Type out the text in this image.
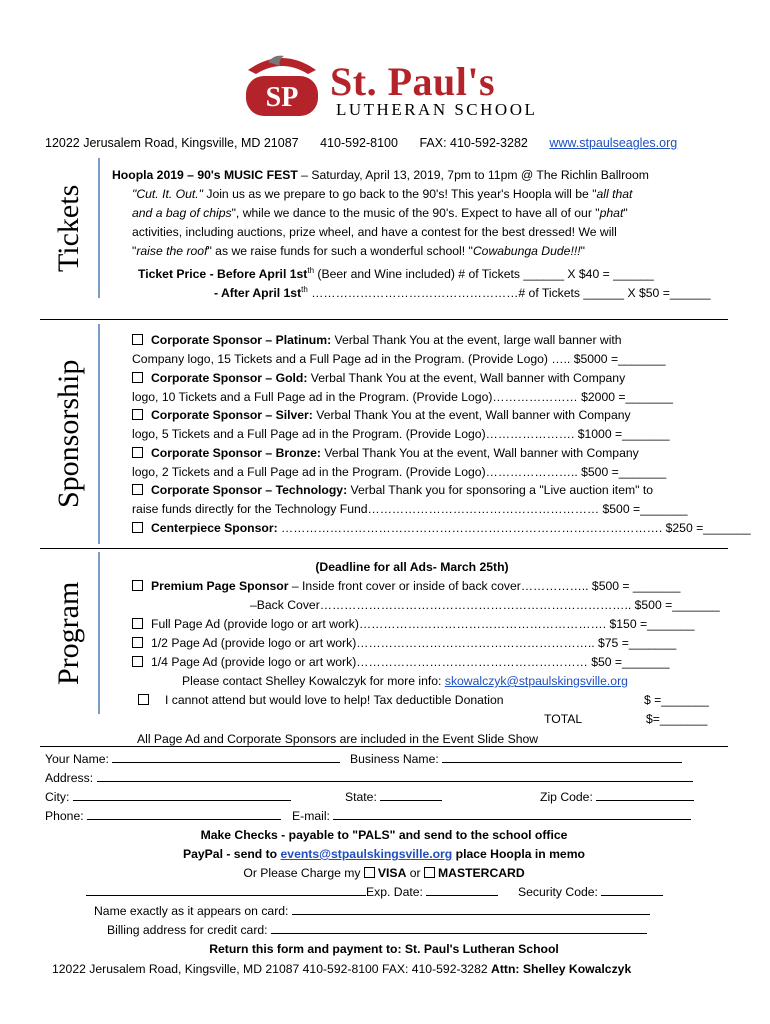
SP St. Paul's
LUTHERAN SCHOOL
12022 Jerusalem Road, Kingsville, MD 21087 410-592-8100 FAX: 410-592-3282 www.stpaulseagles.org
Tickets
Hoopla 2019 – 90's MUSIC FEST – Saturday, April 13, 2019, 7pm to 11pm @ The Richlin Ballroom
"Cut. It. Out." Join us as we prepare to go back to the 90's! This year's Hoopla will be "all that
and a bag of chips", while we dance to the music of the 90's. Expect to have all of our "phat"
activities, including auctions, prize wheel, and have a contest for the best dressed! We will
"raise the roof" as we raise funds for such a wonderful school! "Cowabunga Dude!!!"
Ticket Price - Before April $1st^{th}$ (Beer and Wine included) # of Tickets ______ X $40 = ______
- After April $1st^{th}$ ……………………………………………# of Tickets ______ X $50 =______
Sponsorship
Corporate Sponsor – Platinum: Verbal Thank You at the event, large wall banner with
Company logo, 15 Tickets and a Full Page ad in the Program. (Provide Logo) ….. $5000 =_______
Corporate Sponsor – Gold: Verbal Thank You at the event, Wall banner with Company
logo, 10 Tickets and a Full Page ad in the Program. (Provide Logo)………………… $2000 =_______
Corporate Sponsor – Silver: Verbal Thank You at the event, Wall banner with Company
logo, 5 Tickets and a Full Page ad in the Program. (Provide Logo)…………………. $1000 =_______
Corporate Sponsor – Bronze: Verbal Thank You at the event, Wall banner with Company
logo, 2 Tickets and a Full Page ad in the Program. (Provide Logo)………………….. $500 =_______
Corporate Sponsor – Technology: Verbal Thank you for sponsoring a "Live auction item" to
raise funds directly for the Technology Fund………………………………………………… $500 =_______
Centerpiece Sponsor: …………………………………………………………………………………. $250 =_______
Program
(Deadline for all Ads- March 25th)
Premium Page Sponsor – Inside front cover or inside of back cover…………….. $500 = _______
–Back Cover………………………………………………………………….. $500 =_______
Full Page Ad (provide logo or art work)……………………………………………………. $150 =_______
1/2 Page Ad (provide logo or art work)………………………………………………….. $75 =_______
1/4 Page Ad (provide logo or art work)………………………………………………… $50 =_______
Please contact Shelley Kowalczyk for more info: skowalczyk@stpaulskingsville.org
I cannot attend but would love to help! Tax deductible Donation	$ =_______
TOTAL	$=_______
All Page Ad and Corporate Sponsors are included in the Event Slide Show
Your Name:	Business Name:
Address:
City:	State:	Zip Code:
Phone:	E-mail:
Make Checks - payable to "PALS" and send to the school office
PayPal - send to events@stpaulskingsville.org place Hoopla in memo
Or Please Charge my VISA or MASTERCARD
Exp. Date:	Security Code:
Name exactly as it appears on card:
Billing address for credit card:
Return this form and payment to: St. Paul's Lutheran School
12022 Jerusalem Road, Kingsville, MD 21087 410-592-8100 FAX: 410-592-3282 Attn: Shelley Kowalczyk
